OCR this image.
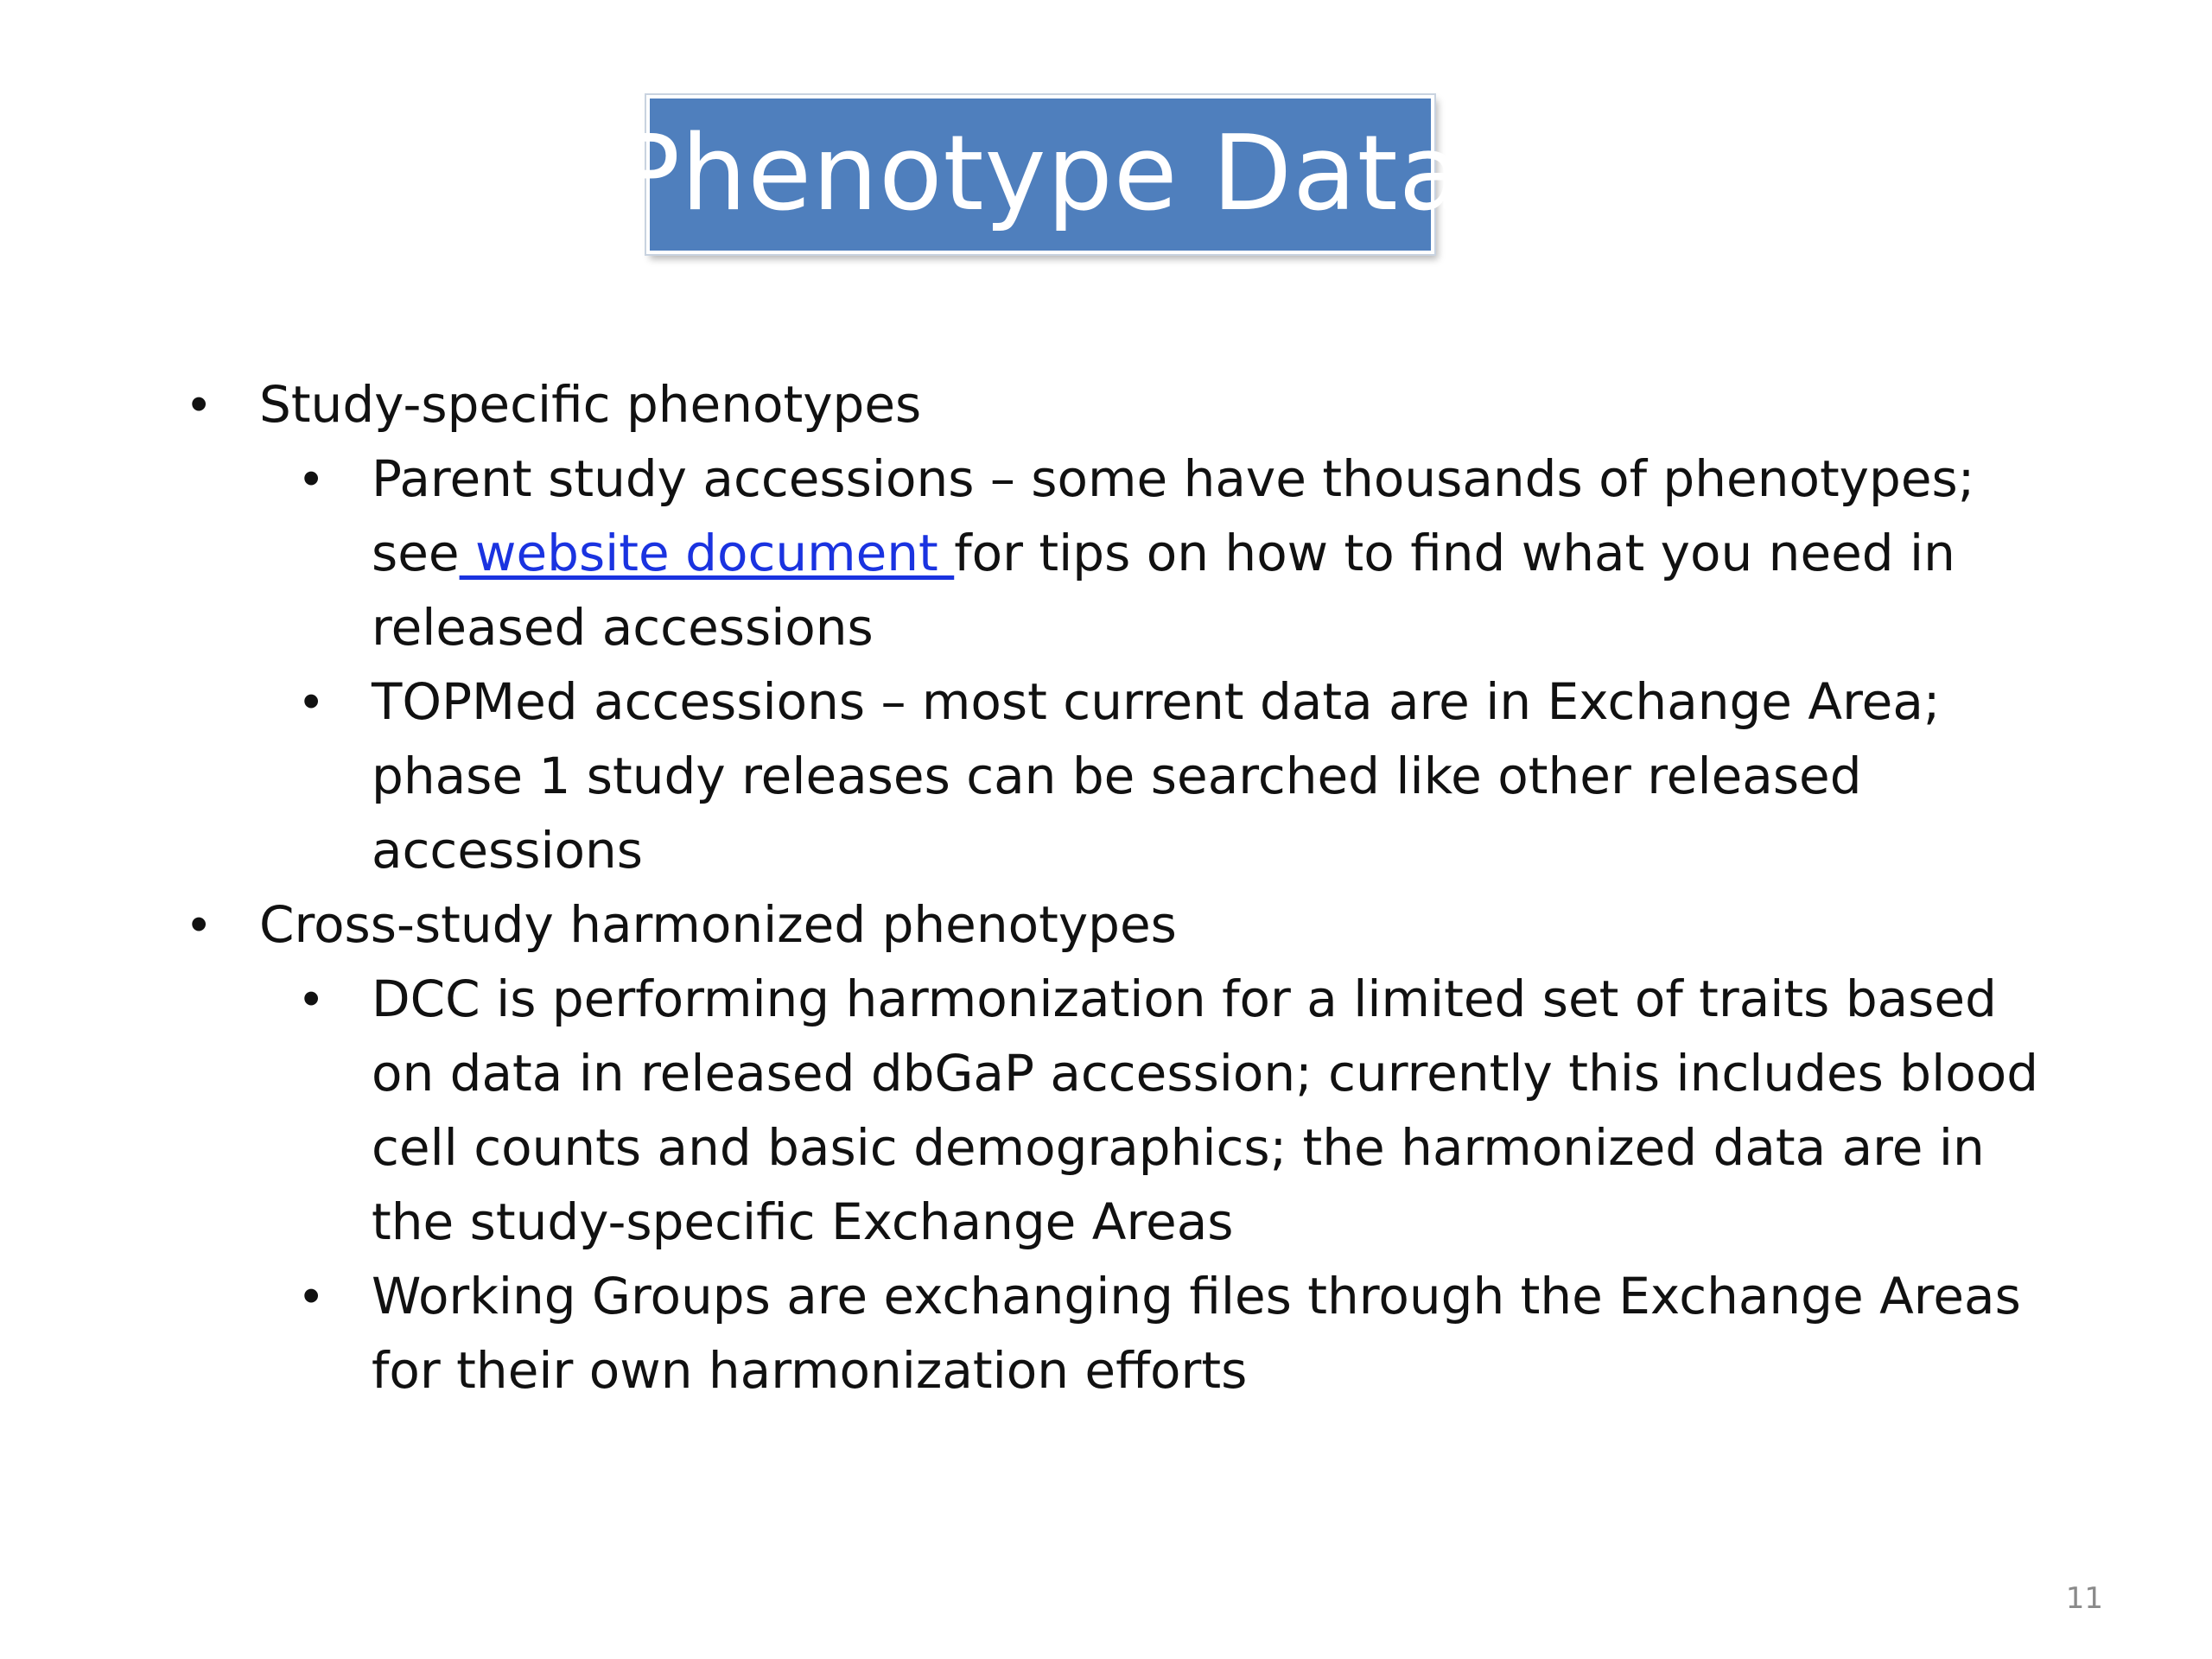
Phenotype Data
• Study-specific phenotypes
• Parent study accessions – some have thousands of phenotypes;
see website document for tips on how to find what you need in
released accessions
• TOPMed accessions – most current data are in Exchange Area;
phase 1 study releases can be searched like other released
accessions
• Cross-study harmonized phenotypes
• DCC is performing harmonization for a limited set of traits based
on data in released dbGaP accession; currently this includes blood
cell counts and basic demographics; the harmonized data are in
the study-specific Exchange Areas
• Working Groups are exchanging files through the Exchange Areas
for their own harmonization efforts
11
